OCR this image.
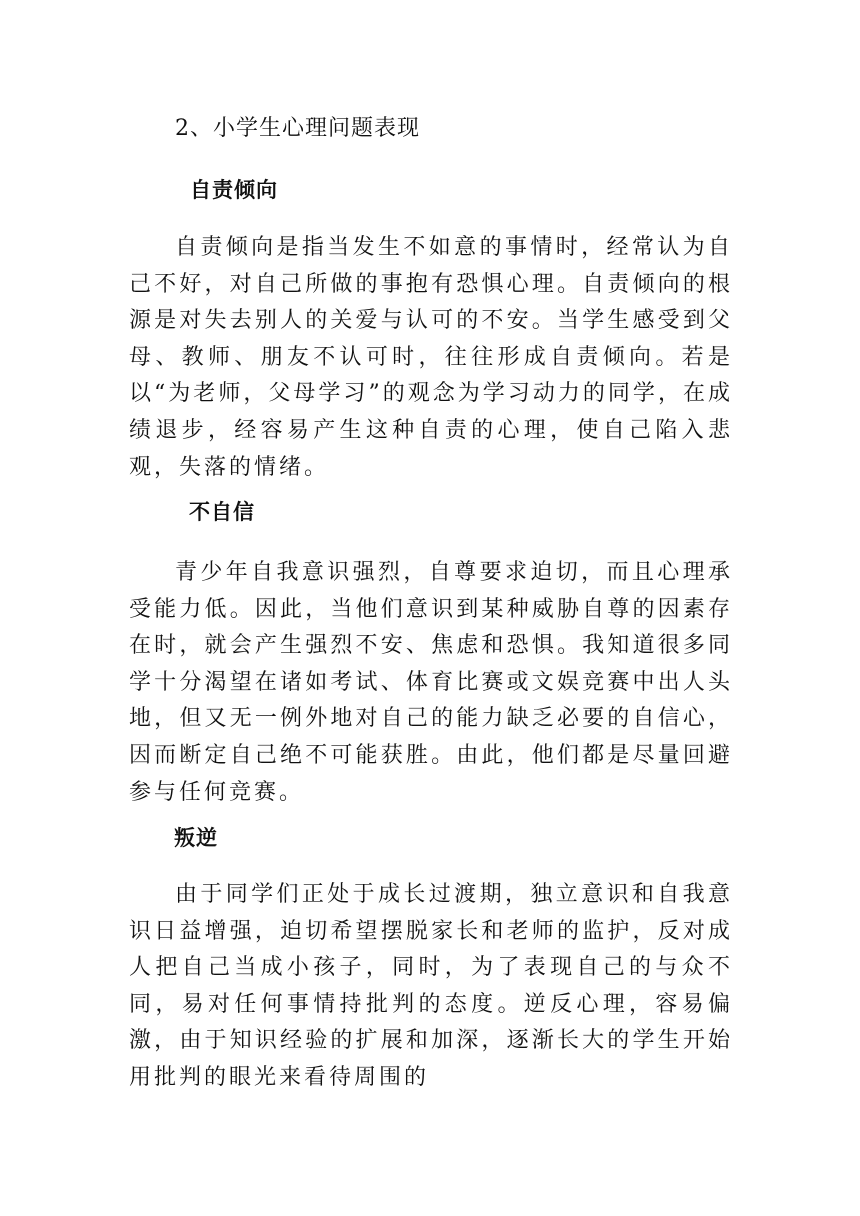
2、小学生心理问题表现
自责倾向

自责倾向是指当发生不如意的事情时，经常认为自己不好，对自己所做的事抱有恐惧心理。自责倾向的根源是对失去别人的关爱与认可的不安。当学生感受到父母、教师、朋友不认可时，往往形成自责倾向。若是以“为老师，父母学习”的观念为学习动力的同学，在成绩退步，经容易产生这种自责的心理，使自己陷入悲观，失落的情绪。

不自信

青少年自我意识强烈，自尊要求迫切，而且心理承受能力低。因此，当他们意识到某种威胁自尊的因素存在时，就会产生强烈不安、焦虑和恐惧。我知道很多同学十分渴望在诸如考试、体育比赛或文娱竞赛中出人头地，但又无一例外地对自己的能力缺乏必要的自信心，因而断定自己绝不可能获胜。由此，他们都是尽量回避参与任何竞赛。

叛逆

由于同学们正处于成长过渡期，独立意识和自我意识日益增强，迫切希望摆脱家长和老师的监护，反对成人把自己当成小孩子，同时，为了表现自己的与众不同，易对任何事情持批判的态度。逆反心理，容易偏激，由于知识经验的扩展和加深，逐渐长大的学生开始用批判的眼光来看待周围的
